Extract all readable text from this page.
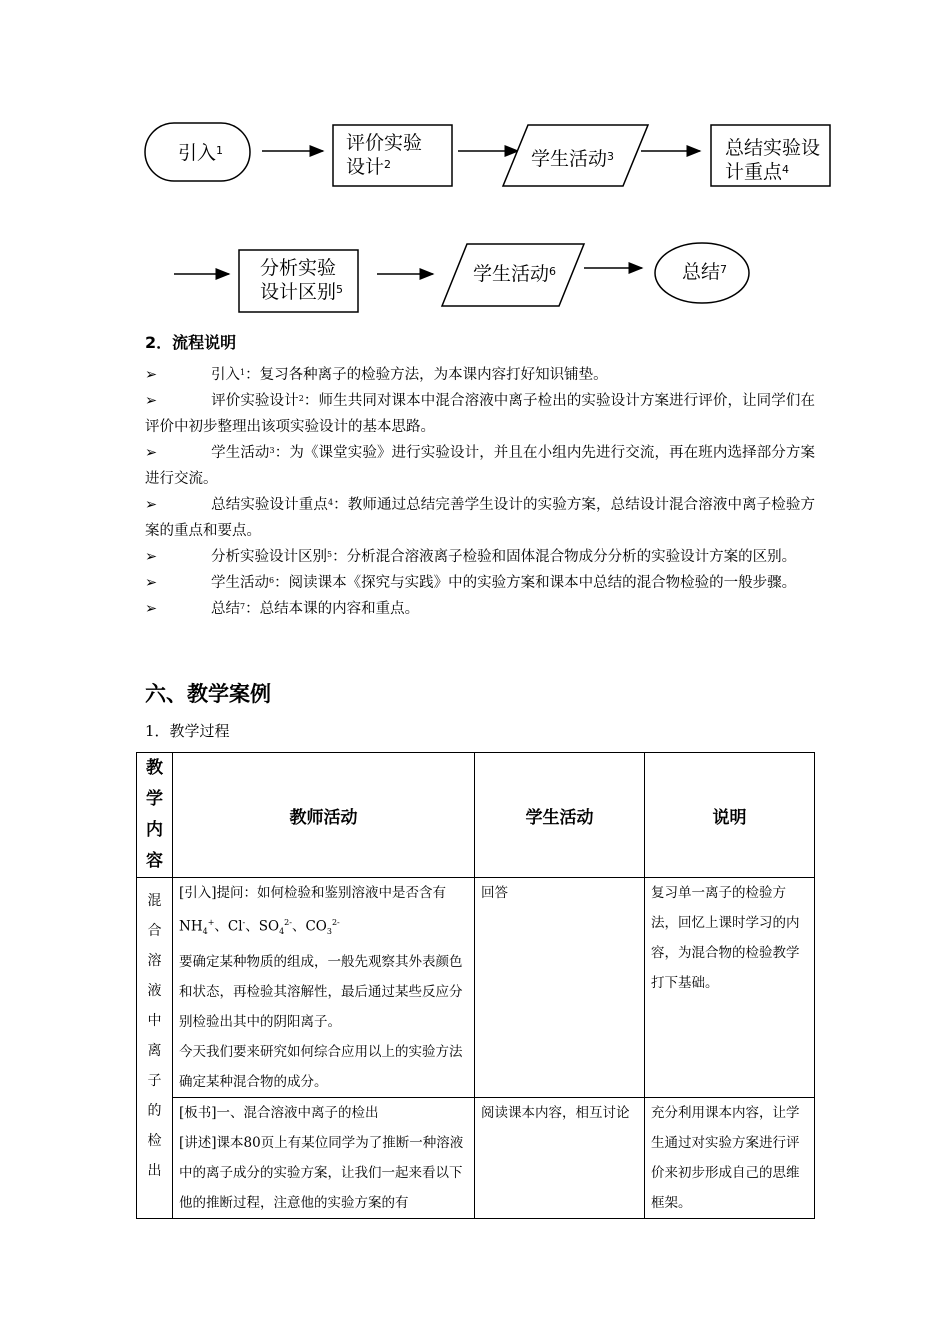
引入$^1$	评价实验设计$^2$	学生活动$^3$	总结实验设计重点$^4$
分析实验设计区别$^5$
学生活动$^6$	总结$^7$
2．流程说明
➢	引入$^1$：复习各种离子的检验方法，为本课内容打好知识铺垫。
➢	评价实验设计$^2$：师生共同对课本中混合溶液中离子检出的实验设计方案进行评价，让同学们在评价中初步整理出该项实验设计的基本思路。
➢	学生活动$^3$：为《课堂实验》进行实验设计，并且在小组内先进行交流，再在班内选择部分方案进行交流。
➢	总结实验设计重点$^4$：教师通过总结完善学生设计的实验方案，总结设计混合溶液中离子检验方案的重点和要点。
➢	分析实验设计区别$^5$：分析混合溶液离子检验和固体混合物成分分析的实验设计方案的区别。
➢	学生活动$^6$：阅读课本《探究与实践》中的实验方案和课本中总结的混合物检验的一般步骤。
➢	总结$^7$：总结本课的内容和重点。
六、教学案例
1．教学过程
教学内容	教师活动	学生活动	说明

混合溶液中离子的检出	[引入]提问：如何检验和鉴别溶液中是否含有
$NH_4^+$、Cl-、$SO_4^{2-}$、$CO_3^{2-}$
要确定某种物质的组成，一般先观察其外表颜色和状态，再检验其溶解性，最后通过某些反应分别检验出其中的阴阳离子。
今天我们要来研究如何综合应用以上的实验方法确定某种混合物的成分。	回答	复习单一离子的检验方法，回忆上课时学习的内容，为混合物的检验教学打下基础。

	[板书]一、混合溶液中离子的检出
[讲述]课本80页上有某位同学为了推断一种溶液中的离子成分的实验方案，让我们一起来看以下他的推断过程，注意他的实验方案的有	阅读课本内容，相互讨论	充分利用课本内容，让学生通过对实验方案进行评价来初步形成自己的思维框架。
